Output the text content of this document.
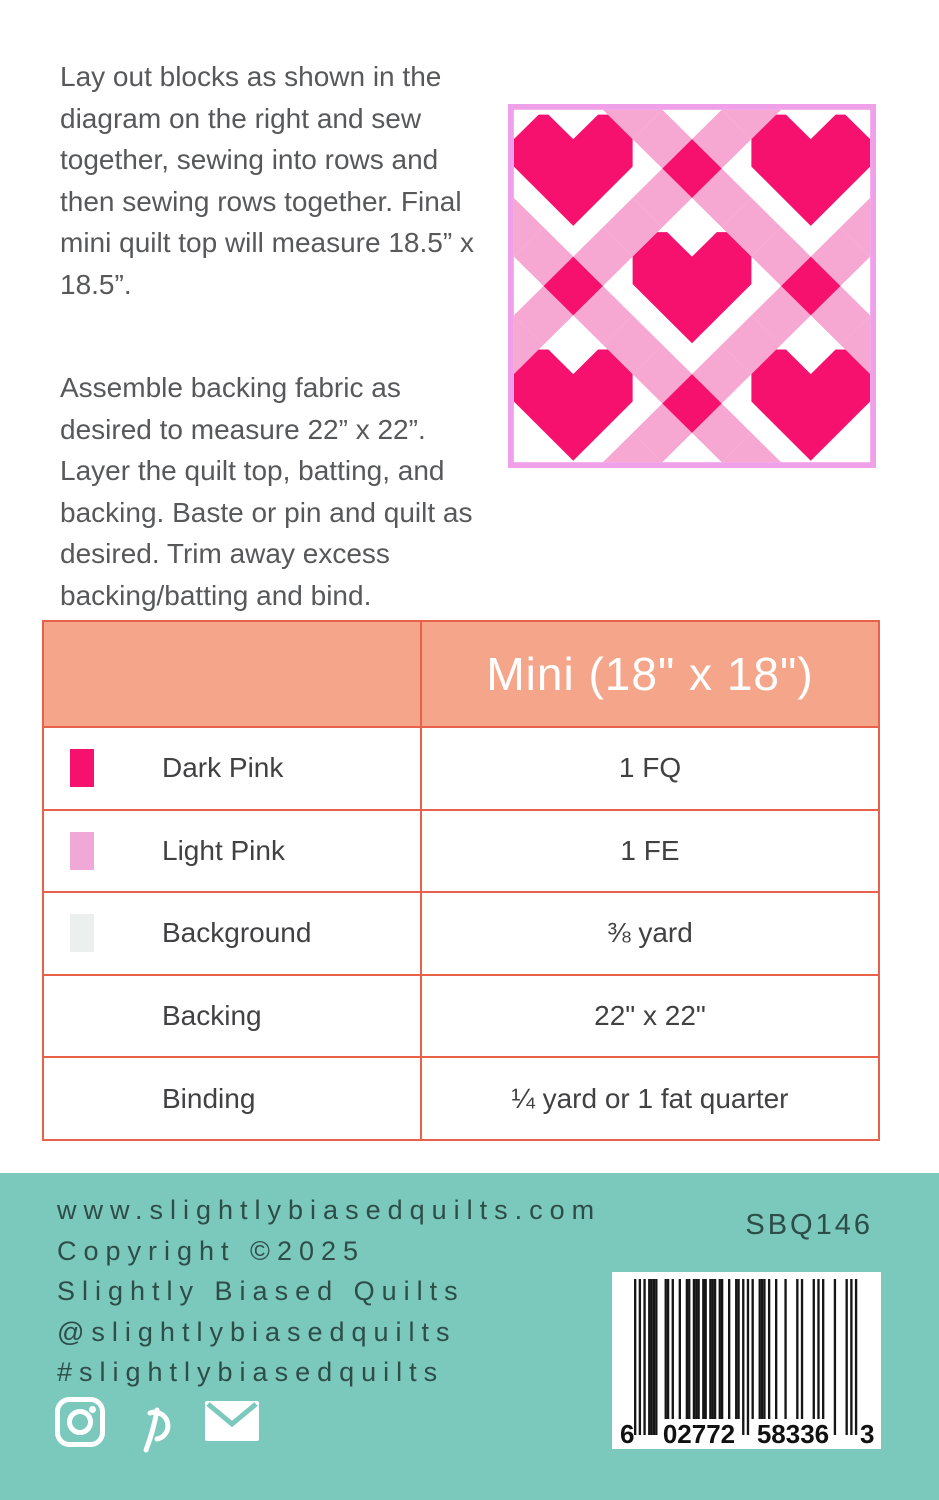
Lay out blocks as shown in the diagram on the right and sew together, sewing into rows and then sewing rows together. Final mini quilt top will measure 18.5” x 18.5”.

Assemble backing fabric as desired to measure 22” x 22”. Layer the quilt top, batting, and backing. Baste or pin and quilt as desired. Trim away excess backing/batting and bind.

Mini (18" x 18")
Dark Pink	1 FQ
Light Pink	1 FE
Background	⅜ yard
Backing	22" x 22"
Binding	¼ yard or 1 fat quarter
www.slightlybiasedquilts.com
Copyright ©2025
Slightly Biased Quilts
@slightlybiasedquilts
#slightlybiasedquilts
SBQ146
6 02772 58336 3
